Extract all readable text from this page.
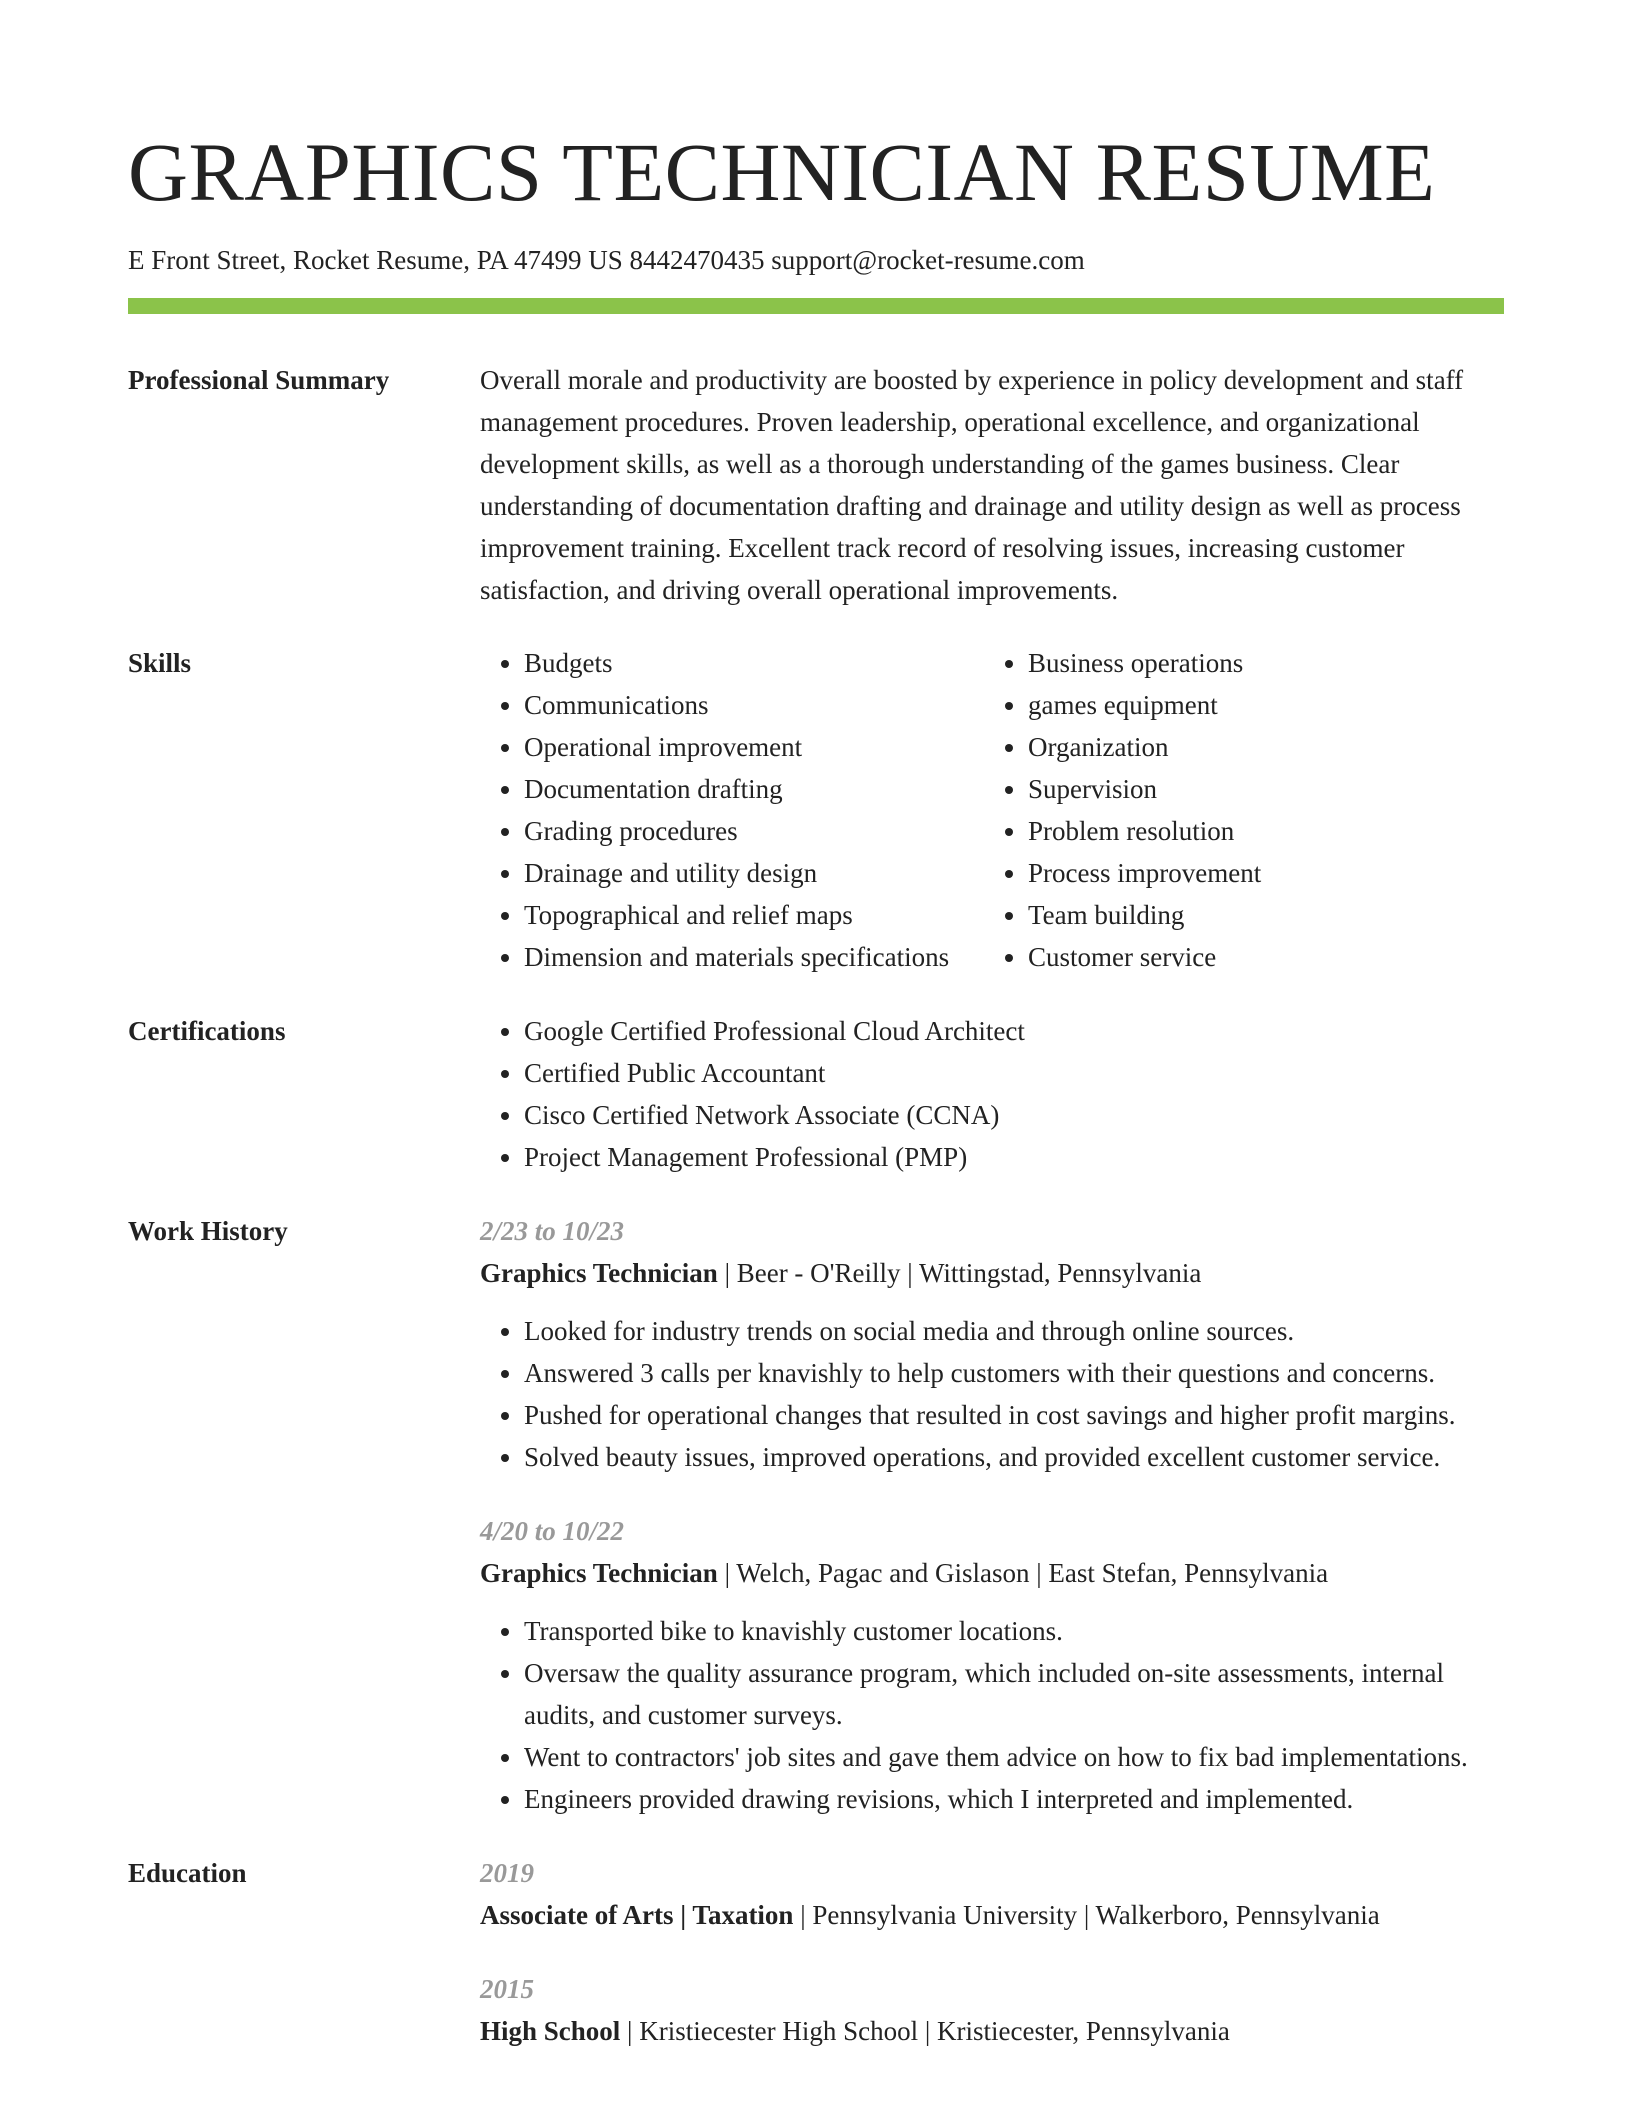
GRAPHICS TECHNICIAN RESUME
E Front Street, Rocket Resume, PA 47499 US 8442470435 support@rocket-resume.com
Professional Summary	Overall morale and productivity are boosted by experience in policy development and staff management procedures. Proven leadership, operational excellence, and organizational development skills, as well as a thorough understanding of the games business. Clear understanding of documentation drafting and drainage and utility design as well as process improvement training. Excellent track record of resolving issues, increasing customer satisfaction, and driving overall operational improvements.

Skills	• Budgets
• Communications
• Operational improvement
• Documentation drafting
• Grading procedures
• Drainage and utility design
• Topographical and relief maps
• Dimension and materials specifications
• Business operations
• games equipment
• Organization
• Supervision
• Problem resolution
• Process improvement
• Team building
• Customer service
Certifications	• Google Certified Professional Cloud Architect
• Certified Public Accountant
• Cisco Certified Network Associate (CCNA)
• Project Management Professional (PMP)
Work History	2/23 to 10/23
Graphics Technician | Beer - O'Reilly | Wittingstad, Pennsylvania
• Looked for industry trends on social media and through online sources.
• Answered 3 calls per knavishly to help customers with their questions and concerns.
• Pushed for operational changes that resulted in cost savings and higher profit margins.
• Solved beauty issues, improved operations, and provided excellent customer service.
4/20 to 10/22
Graphics Technician | Welch, Pagac and Gislason | East Stefan, Pennsylvania
• Transported bike to knavishly customer locations.
• Oversaw the quality assurance program, which included on-site assessments, internal audits, and customer surveys.
• Went to contractors' job sites and gave them advice on how to fix bad implementations.
• Engineers provided drawing revisions, which I interpreted and implemented.
Education	2019
Associate of Arts | Taxation | Pennsylvania University | Walkerboro, Pennsylvania
2015
High School | Kristiecester High School | Kristiecester, Pennsylvania
